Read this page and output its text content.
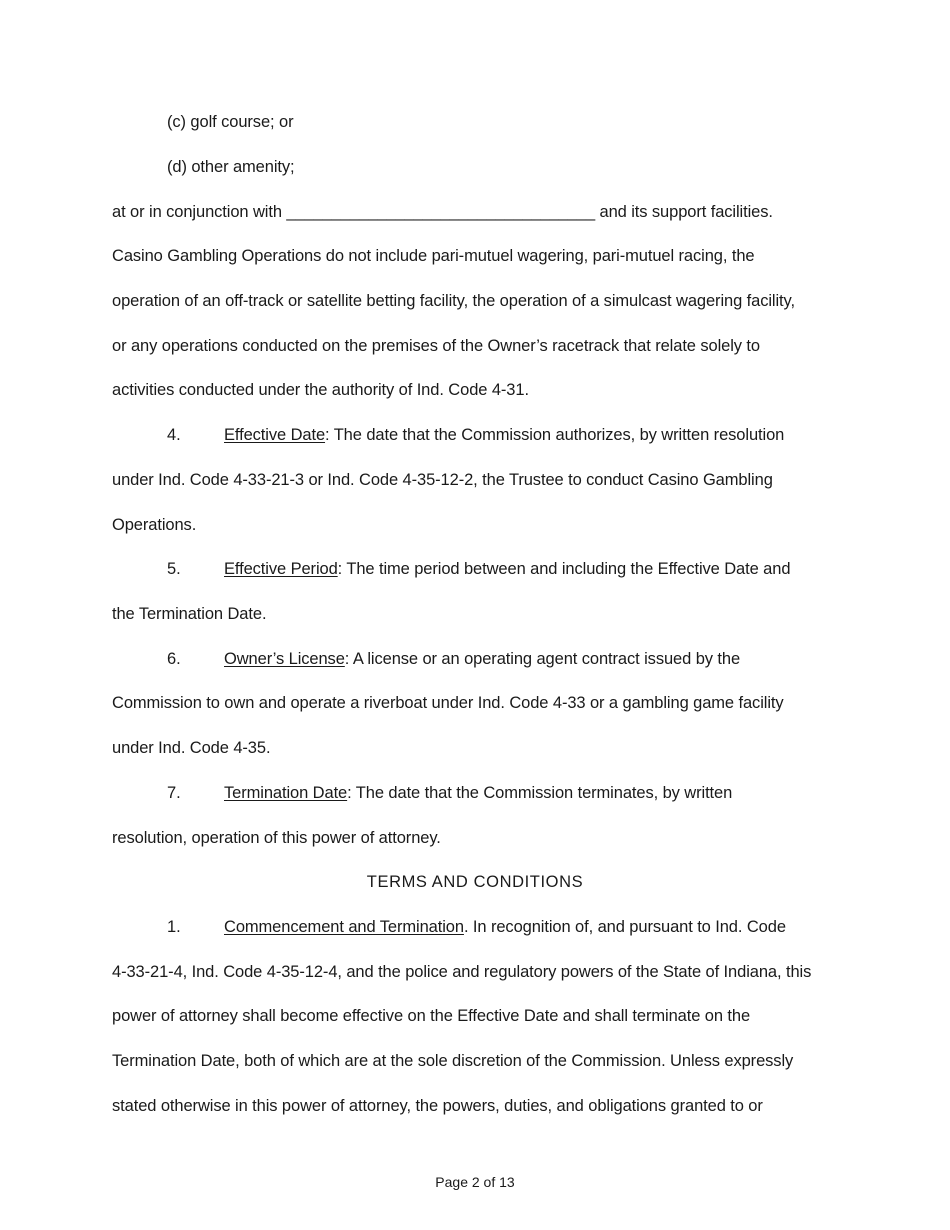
(c) golf course; or
(d) other amenity;
at or in conjunction with __________________________________ and its support facilities.
Casino Gambling Operations do not include pari-mutuel wagering, pari-mutuel racing, the
operation of an off-track or satellite betting facility, the operation of a simulcast wagering facility,
or any operations conducted on the premises of the Owner’s racetrack that relate solely to
activities conducted under the authority of Ind. Code 4-31.
4.	Effective Date: The date that the Commission authorizes, by written resolution
under Ind. Code 4-33-21-3 or Ind. Code 4-35-12-2, the Trustee to conduct Casino Gambling
Operations.
5.	Effective Period: The time period between and including the Effective Date and
the Termination Date.
6.	Owner’s License: A license or an operating agent contract issued by the
Commission to own and operate a riverboat under Ind. Code 4-33 or a gambling game facility
under Ind. Code 4-35.
7.	Termination Date: The date that the Commission terminates, by written
resolution, operation of this power of attorney.
TERMS AND CONDITIONS
1.	Commencement and Termination. In recognition of, and pursuant to Ind. Code
4-33-21-4, Ind. Code 4-35-12-4, and the police and regulatory powers of the State of Indiana, this
power of attorney shall become effective on the Effective Date and shall terminate on the
Termination Date, both of which are at the sole discretion of the Commission. Unless expressly
stated otherwise in this power of attorney, the powers, duties, and obligations granted to or
Page 2 of 13
